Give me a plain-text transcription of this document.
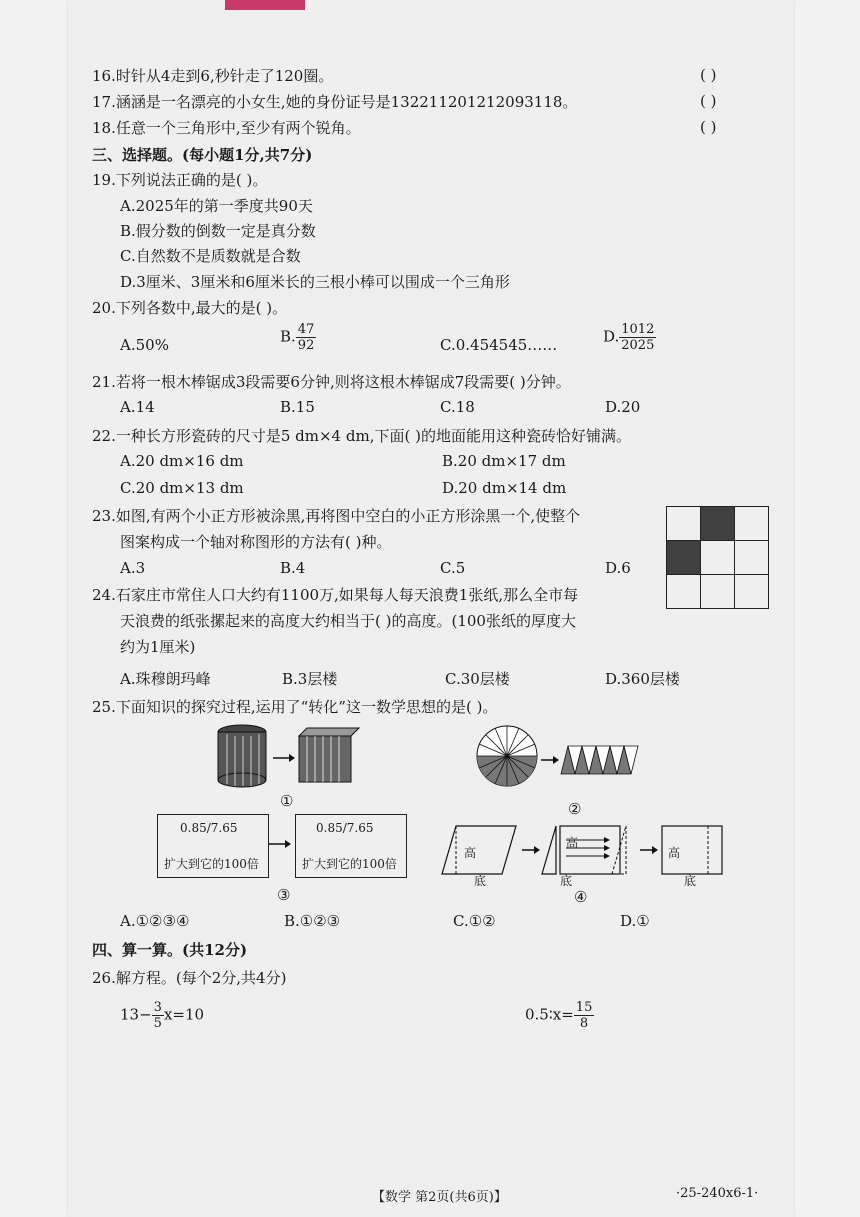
16.时针从4走到6,秒针走了120圈。	( )
17.涵涵是一名漂亮的小女生,她的身份证号是132211201212093118。	( )
18.任意一个三角形中,至少有两个锐角。	( )
三、选择题。(每小题1分,共7分)
19.下列说法正确的是( )。
A.2025年的第一季度共90天
B.假分数的倒数一定是真分数
C.自然数不是质数就是合数
D.3厘米、3厘米和6厘米长的三根小棒可以围成一个三角形
20.下列各数中,最大的是( )。
A.50%	B. $\frac{47}{92}$	C.0.454545……	D. $\frac{1012}{2025}$
21.若将一根木棒锯成3段需要6分钟,则将这根木棒锯成7段需要( )分钟。
A.14	B.15	C.18	D.20
22.一种长方形瓷砖的尺寸是5 dm×4 dm,下面( )的地面能用这种瓷砖恰好铺满。
A.20 dm×16 dm	B.20 dm×17 dm
C.20 dm×13 dm	D.20 dm×14 dm
23.如图,有两个小正方形被涂黑,再将图中空白的小正方形涂黑一个,使整个
图案构成一个轴对称图形的方法有( )种。
A.3	B.4	C.5	D.6

24.石家庄市常住人口大约有1100万,如果每人每天浪费1张纸,那么全市每
天浪费的纸张摞起来的高度大约相当于( )的高度。(100张纸的厚度大
约为1厘米)
A.珠穆朗玛峰	B.3层楼	C.30层楼	D.360层楼
25.下面知识的探究过程,运用了“转化”这一数学思想的是( )。
①	②
0.85/7.65
扩大到它的100倍
0.85/7.65
扩大到它的100倍
③
高
底
高
底
高
底
④
A.①②③④	B.①②③	C.①②	D.①
四、算一算。(共12分)
26.解方程。(每个2分,共4分)
$13- \frac{3}{5} x=10$	0.5∶x= $\frac{15}{8}$
【数学 第2页(共6页)】	·25-240x6-1·
